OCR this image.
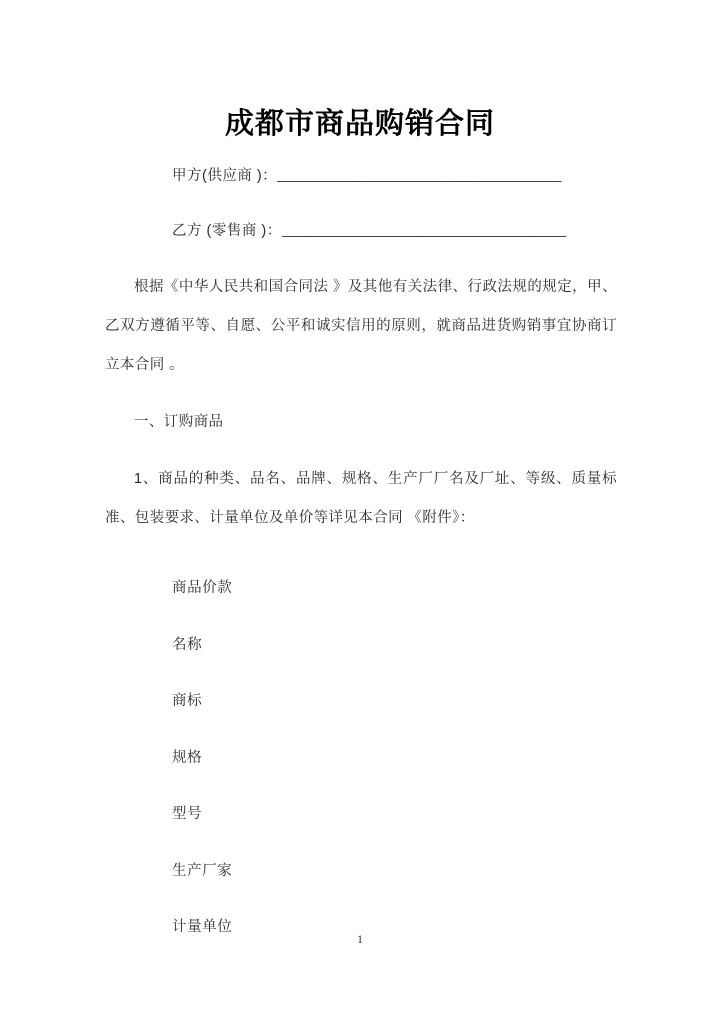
成都市商品购销合同
甲方(供应商 )： ______________________________________
乙方 (零售商 )： ______________________________________

根据《中华人民共和国合同法 》及其他有关法律、行政法规的规定，甲、乙双方遵循平等、自愿、公平和诚实信用的原则，就商品进货购销事宜协商订立本合同 。

一、订购商品

1、商品的种类、品名、品牌、规格、生产厂厂名及厂址、等级、质量标准、包装要求、计量单位及单价等详见本合同 《附件》：

商品价款
名称
商标
规格
型号
生产厂家
计量单位
1
